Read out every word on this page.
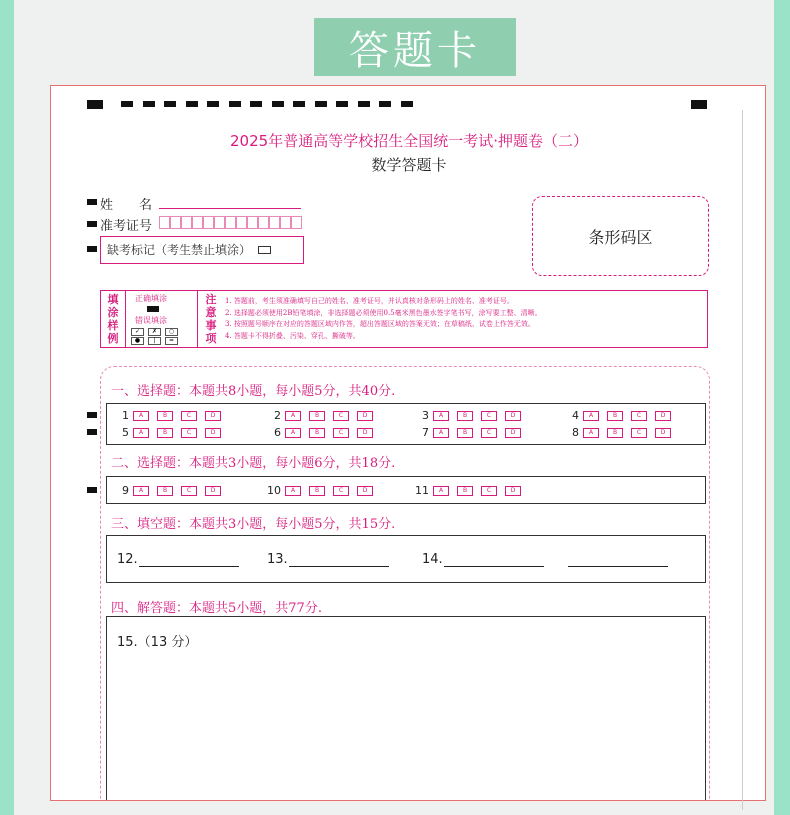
答题卡
2025年普通高等学校招生全国统一考试·押题卷（二）
数学答题卡
姓　　名
准考证号
缺考标记（考生禁止填涂）
条形码区
填
涂
样
例
正确填涂
错误填涂
✓ ✗ ○
● | =
注
意
事
项
1. 答题前，考生须准确填写自己的姓名、准考证号，并认真核对条形码上的姓名、准考证号。
2. 选择题必须使用2B铅笔填涂，非选择题必须使用0.5毫米黑色墨水签字笔书写，涂写要工整、清晰。
3. 按照题号顺序在对应的答题区域内作答，超出答题区域的答案无效；在草稿纸、试卷上作答无效。
4. 答题卡不得折叠、污染、穿孔、撕破等。
一、选择题：本题共8小题，每小题5分，共40分.
1	A	B	C	D	2	A	B	C	D	3	A	B	C	D	4	A	B	C	D
5	A	B	C	D	6	A	B	C	D	7	A	B	C	D	8	A	B	C	D
二、选择题：本题共3小题，每小题6分，共18分.
9	A	B	C	D	10	A	B	C	D	11	A	B	C	D
三、填空题：本题共3小题，每小题5分，共15分.
12.	13.	14.
四、解答题：本题共5小题，共77分.
15.（13 分）
